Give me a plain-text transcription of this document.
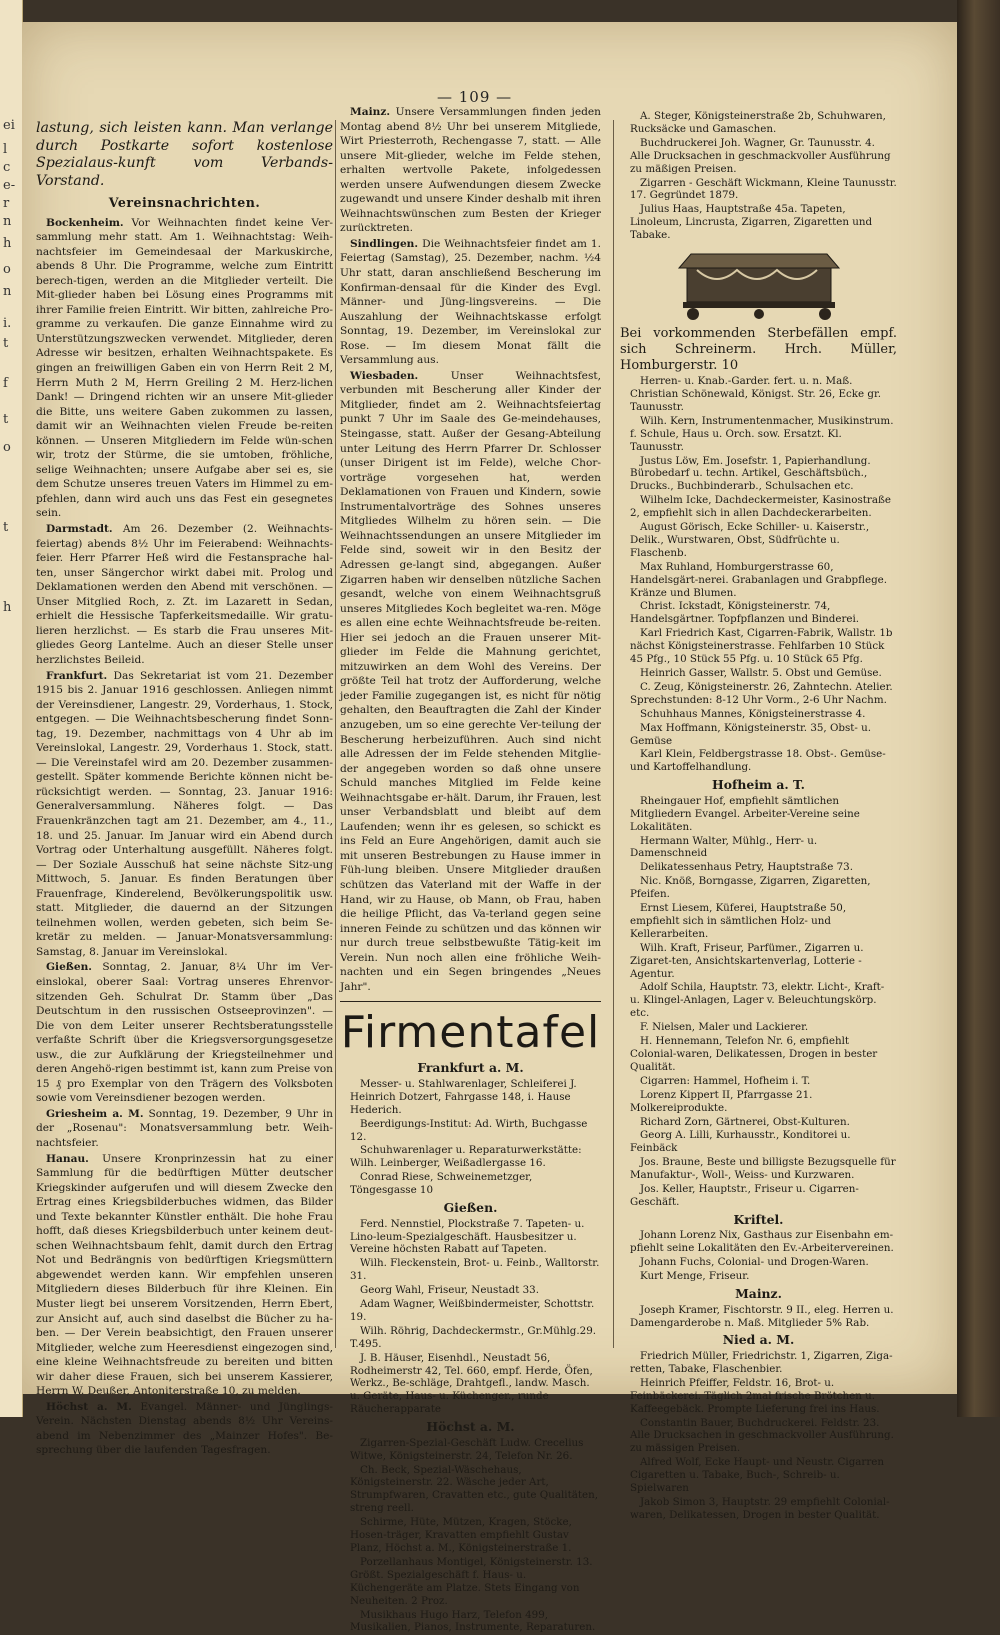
ei
l
c
e-
r
n
h
o
n
i.
t
f
t
o
t
h
— 109 —

lastung, sich leisten kann. Man verlange durch Postkarte sofort kostenlose Spezialaus-kunft vom Verbands-Vorstand.

Vereinsnachrichten.

Bockenheim. Vor Weihnachten findet keine Ver-sammlung mehr statt. Am 1. Weihnachtstag: Weih-nachtsfeier im Gemeindesaal der Markuskirche, abends 8 Uhr. Die Programme, welche zum Eintritt berech-tigen, werden an die Mitglieder verteilt. Die Mit-glieder haben bei Lösung eines Programms mit ihrer Familie freien Eintritt. Wir bitten, zahlreiche Pro-gramme zu verkaufen. Die ganze Einnahme wird zu Unterstützungszwecken verwendet. Mitglieder, deren Adresse wir besitzen, erhalten Weihnachtspakete. Es gingen an freiwilligen Gaben ein von Herrn Reit 2 M, Herrn Muth 2 M, Herrn Greiling 2 M. Herz-lichen Dank! — Dringend richten wir an unsere Mit-glieder die Bitte, uns weitere Gaben zukommen zu lassen, damit wir an Weihnachten vielen Freude be-reiten können. — Unseren Mitgliedern im Felde wün-schen wir, trotz der Stürme, die sie umtoben, fröhliche, selige Weihnachten; unsere Aufgabe aber sei es, sie dem Schutze unseres treuen Vaters im Himmel zu em-pfehlen, dann wird auch uns das Fest ein gesegnetes sein.

Darmstadt. Am 26. Dezember (2. Weihnachts-feiertag) abends 8½ Uhr im Feierabend: Weihnachts-feier. Herr Pfarrer Heß wird die Festansprache hal-ten, unser Sängerchor wirkt dabei mit. Prolog und Deklamationen werden den Abend mit verschönen. — Unser Mitglied Roch, z. Zt. im Lazarett in Sedan, erhielt die Hessische Tapferkeitsmedaille. Wir gratu-lieren herzlichst. — Es starb die Frau unseres Mit-gliedes Georg Lantelme. Auch an dieser Stelle unser herzlichstes Beileid.

Frankfurt. Das Sekretariat ist vom 21. Dezember 1915 bis 2. Januar 1916 geschlossen. Anliegen nimmt der Vereinsdiener, Langestr. 29, Vorderhaus, 1. Stock, entgegen. — Die Weihnachtsbescherung findet Sonn-tag, 19. Dezember, nachmittags von 4 Uhr ab im Vereinslokal, Langestr. 29, Vorderhaus 1. Stock, statt. — Die Vereinstafel wird am 20. Dezember zusammen-gestellt. Später kommende Berichte können nicht be-rücksichtigt werden. — Sonntag, 23. Januar 1916: Generalversammlung. Näheres folgt. — Das Frauenkränzchen tagt am 21. Dezember, am 4., 11., 18. und 25. Januar. Im Januar wird ein Abend durch Vortrag oder Unterhaltung ausgefüllt. Näheres folgt. — Der Soziale Ausschuß hat seine nächste Sitz-ung Mittwoch, 5. Januar. Es finden Beratungen über Frauenfrage, Kinderelend, Bevölkerungspolitik usw. statt. Mitglieder, die dauernd an der Sitzungen teilnehmen wollen, werden gebeten, sich beim Se-kretär zu melden. — Januar-Monatsversammlung: Samstag, 8. Januar im Vereinslokal.

Gießen. Sonntag, 2. Januar, 8¼ Uhr im Ver-einslokal, oberer Saal: Vortrag unseres Ehrenvor-sitzenden Geh. Schulrat Dr. Stamm über „Das Deutschtum in den russischen Ostseeprovinzen". — Die von dem Leiter unserer Rechtsberatungsstelle verfaßte Schrift über die Kriegsversorgungsgesetze usw., die zur Aufklärung der Kriegsteilnehmer und deren Angehö-rigen bestimmt ist, kann zum Preise von 15 ₰ pro Exemplar von den Trägern des Volksboten sowie vom Vereinsdiener bezogen werden.

Griesheim a. M. Sonntag, 19. Dezember, 9 Uhr in der „Rosenau": Monatsversammlung betr. Weih-nachtsfeier.

Hanau. Unsere Kronprinzessin hat zu einer Sammlung für die bedürftigen Mütter deutscher Kriegskinder aufgerufen und will diesem Zwecke den Ertrag eines Kriegsbilderbuches widmen, das Bilder und Texte bekannter Künstler enthält. Die hohe Frau hofft, daß dieses Kriegsbilderbuch unter keinem deut-schen Weihnachtsbaum fehlt, damit durch den Ertrag Not und Bedrängnis von bedürftigen Kriegsmüttern abgewendet werden kann. Wir empfehlen unseren Mitgliedern dieses Bilderbuch für ihre Kleinen. Ein Muster liegt bei unserem Vorsitzenden, Herrn Ebert, zur Ansicht auf, auch sind daselbst die Bücher zu ha-ben. — Der Verein beabsichtigt, den Frauen unserer Mitglieder, welche zum Heeresdienst eingezogen sind, eine kleine Weihnachtsfreude zu bereiten und bitten wir daher diese Frauen, sich bei unserem Kassierer, Herrn W. Deußer, Antoniterstraße 10, zu melden.

Höchst a. M. Evangel. Männer- und Jünglings-Verein. Nächsten Dienstag abends 8½ Uhr Vereins-abend im Nebenzimmer des „Mainzer Hofes". Be-sprechung über die laufenden Tagesfragen.

Mainz. Unsere Versammlungen finden jeden Montag abend 8½ Uhr bei unserem Mitgliede, Wirt Priesterroth, Rechengasse 7, statt. — Alle unsere Mit-glieder, welche im Felde stehen, erhalten wertvolle Pakete, infolgedessen werden unsere Aufwendungen diesem Zwecke zugewandt und unsere Kinder deshalb mit ihren Weihnachtswünschen zum Besten der Krieger zurücktreten.

Sindlingen. Die Weihnachtsfeier findet am 1. Feiertag (Samstag), 25. Dezember, nachm. ½4 Uhr statt, daran anschließend Bescherung im Konfirman-densaal für die Kinder des Evgl. Männer- und Jüng-lingsvereins. — Die Auszahlung der Weihnachtskasse erfolgt Sonntag, 19. Dezember, im Vereinslokal zur Rose. — Im diesem Monat fällt die Versammlung aus.

Wiesbaden.	Unser Weihnachtsfest, verbunden mit Bescherung aller Kinder der Mitglieder, findet am 2. Weihnachtsfeiertag punkt 7 Uhr im Saale des Ge-meindehauses, Steingasse, statt. Außer der Gesang-Abteilung unter Leitung des Herrn Pfarrer Dr. Schlosser (unser Dirigent ist im Felde), welche Chor-vorträge vorgesehen hat, werden Deklamationen von Frauen und Kindern, sowie Instrumentalvorträge des Sohnes unseres Mitgliedes Wilhelm zu hören sein. — Die Weihnachtssendungen an unsere Mitglieder im Felde sind, soweit wir in den Besitz der Adressen ge-langt sind, abgegangen. Außer Zigarren haben wir denselben nützliche Sachen gesandt, welche von einem Weihnachtsgruß unseres Mitgliedes Koch begleitet wa-ren. Möge es allen eine echte Weihnachtsfreude be-reiten. Hier sei jedoch an die Frauen unserer Mit-glieder im Felde die Mahnung gerichtet, mitzuwirken an dem Wohl des Vereins. Der größte Teil hat trotz der Aufforderung, welche jeder Familie zugegangen ist, es nicht für nötig gehalten, den Beauftragten die Zahl der Kinder anzugeben, um so eine gerechte Ver-teilung der Bescherung herbeizuführen. Auch sind nicht alle Adressen der im Felde stehenden Mitglie-der angegeben worden so daß ohne unsere Schuld manches Mitglied im Felde keine Weihnachtsgabe er-hält. Darum, ihr Frauen, lest unser Verbandsblatt und bleibt auf dem Laufenden; wenn ihr es gelesen, so schickt es ins Feld an Eure Angehörigen, damit auch sie mit unseren Bestrebungen zu Hause immer in Füh-lung bleiben. Unsere Mitglieder draußen schützen das Vaterland mit der Waffe in der Hand, wir zu Hause, ob Mann, ob Frau, haben die heilige Pflicht, das Va-terland gegen seine inneren Feinde zu schützen und das können wir nur durch treue selbstbewußte Tätig-keit im Verein. Nun noch allen eine fröhliche Weih-nachten und ein Segen bringendes „Neues Jahr".

Firmentafel
Frankfurt a. M.

Messer- u. Stahlwarenlager, Schleiferei J. Heinrich Dotzert, Fahrgasse 148, i. Hause Hederich.

Beerdigungs-Institut: Ad. Wirth, Buchgasse 12.

Schuhwarenlager u. Reparaturwerkstätte: Wilh. Leinberger, Weißadlergasse 16.

Conrad Riese, Schweinemetzger, Töngesgasse 10

Gießen.

Ferd. Nennstiel, Plockstraße 7. Tapeten- u. Lino-leum-Spezialgeschäft. Hausbesitzer u. Vereine höchsten Rabatt auf Tapeten.

Wilh. Fleckenstein, Brot- u. Feinb., Walltorstr. 31.

Georg Wahl, Friseur, Neustadt 33.

Adam Wagner, Weißbindermeister, Schottstr. 19.

Wilh. Röhrig, Dachdeckermstr., Gr.Mühlg.29. T.495.

J. B. Häuser, Eisenhdl., Neustadt 56, Rodheimerstr 42, Tel. 660, empf. Herde, Öfen, Werkz., Be-schläge, Drahtgefl., landw. Masch. u. Geräte, Haus- u. Küchenger., runde Räucherapparate

Höchst a. M.

Zigarren-Spezial-Geschäft Ludw. Crecelius Witwe, Königsteinerstr. 24, Telefon Nr. 26.

Ch. Beck, Spezial-Wäschehaus, Königsteinerstr. 22. Wäsche jeder Art, Strumpfwaren, Cravatten etc., gute Qualitäten, streng reell.

Schirme, Hüte, Mützen, Kragen, Stöcke, Hosen-träger, Kravatten empfiehlt Gustav Planz, Höchst a. M., Königsteinerstraße 1.

Porzellanhaus Montigel, Königsteinerstr. 13. Größt. Spezialgeschäft f. Haus- u. Küchengeräte am Platze. Stets Eingang von Neuheiten. 2 Proz.

Musikhaus Hugo Harz, Telefon 499, Musikalien, Pianos, Instrumente, Reparaturen.

A. Steger, Königsteinerstraße 2b, Schuhwaren, Rucksäcke und Gamaschen.

Buchdruckerei Joh. Wagner, Gr. Taunusstr. 4. Alle Drucksachen in geschmackvoller Ausführung zu mäßigen Preisen.

Zigarren - Geschäft Wickmann, Kleine Taunusstr. 17. Gegründet 1879.

Julius Haas, Hauptstraße 45a. Tapeten, Linoleum, Lincrusta, Zigarren, Zigaretten und Tabake.

Bei vorkommenden Sterbefällen empf. sich Schreinerm. Hrch. Müller, Homburgerstr. 10

Herren- u. Knab.-Garder. fert. u. n. Maß. Christian Schönewald, Königst. Str. 26, Ecke gr. Taunusstr.

Wilh. Kern, Instrumentenmacher, Musikinstrum. f. Schule, Haus u. Orch. sow. Ersatzt. Kl. Taunusstr.

Justus Löw, Em. Josefstr. 1, Papierhandlung. Bürobedarf u. techn. Artikel, Geschäftsbüch., Drucks., Buchbinderarb., Schulsachen etc.

Wilhelm Icke, Dachdeckermeister, Kasinostraße 2, empfiehlt sich in allen Dachdeckerarbeiten.

August Görisch, Ecke Schiller- u. Kaiserstr., Delik., Wurstwaren, Obst, Südfrüchte u. Flaschenb.

Max Ruhland, Homburgerstrasse 60, Handelsgärt-nerei. Grabanlagen und Grabpflege. Kränze und Blumen.

Christ. Ickstadt, Königsteinerstr. 74, Handelsgärtner. Topfpflanzen und Binderei.

Karl Friedrich Kast, Cigarren-Fabrik, Wallstr. 1b nächst Königsteinerstrasse. Fehlfarben 10 Stück 45 Pfg., 10 Stück 55 Pfg. u. 10 Stück 65 Pfg.

Heinrich Gasser, Wallstr. 5. Obst und Gemüse.

C. Zeug, Königsteinerstr. 26, Zahntechn. Atelier. Sprechstunden: 8-12 Uhr Vorm., 2-6 Uhr Nachm.

Schuhhaus Mannes, Königsteinerstrasse 4.

Max Hoffmann, Königsteinerstr. 35, Obst- u. Gemüse

Karl Klein, Feldbergstrasse 18. Obst-. Gemüse- und Kartoffelhandlung.

Hofheim a. T.

Rheingauer Hof, empfiehlt sämtlichen Mitgliedern Evangel. Arbeiter-Vereine seine Lokalitäten.

Hermann Walter, Mühlg., Herr- u. Damenschneid

Delikatessenhaus Petry, Hauptstraße 73.

Nic. Knöß, Borngasse, Zigarren, Zigaretten, Pfeifen.

Ernst Liesem, Küferei, Hauptstraße 50, empfiehlt sich in sämtlichen Holz- und Kellerarbeiten.

Wilh. Kraft, Friseur, Parfümer., Zigarren u. Zigaret-ten, Ansichtskartenverlag, Lotterie - Agentur.

Adolf Schila, Hauptstr. 73, elektr. Licht-, Kraft- u. Klingel-Anlagen, Lager v. Beleuchtungskörp. etc.

F. Nielsen, Maler und Lackierer.

H. Hennemann, Telefon Nr. 6, empfiehlt Colonial-waren, Delikatessen, Drogen in bester Qualität.

Cigarren: Hammel, Hofheim i. T.

Lorenz Kippert II, Pfarrgasse 21. Molkereiprodukte.

Richard Zorn, Gärtnerei, Obst-Kulturen.

Georg A. Lilli, Kurhausstr., Konditorei u. Feinbäck

Jos. Braune, Beste und billigste Bezugsquelle für Manufaktur-, Woll-, Weiss- und Kurzwaren.

Jos. Keller, Hauptstr., Friseur u. Cigarren-Geschäft.

Kriftel.

Johann Lorenz Nix, Gasthaus zur Eisenbahn em-pfiehlt seine Lokalitäten den Ev.-Arbeitervereinen.

Johann Fuchs, Colonial- und Drogen-Waren.

Kurt Menge, Friseur.

Mainz.

Joseph Kramer, Fischtorstr. 9 II., eleg. Herren u. Damengarderobe n. Maß. Mitglieder 5% Rab.

Nied a. M.

Friedrich Müller, Friedrichstr. 1, Zigarren, Ziga-retten, Tabake, Flaschenbier.

Heinrich Pfeiffer, Feldstr. 16, Brot- u. Feinbäckerei. Täglich 2mal frische Brötchen u. Kaffeegebäck. Prompte Lieferung frei ins Haus.

Constantin Bauer, Buchdruckerei. Feldstr. 23. Alle Drucksachen in geschmackvoller Ausführung. zu mässigen Preisen.

Alfred Wolf, Ecke Haupt- und Neustr. Cigarren Cigaretten u. Tabake, Buch-, Schreib- u. Spielwaren

Jakob Simon 3, Hauptstr. 29 empfiehlt Colonial-waren, Delikatessen, Drogen in bester Qualität.
